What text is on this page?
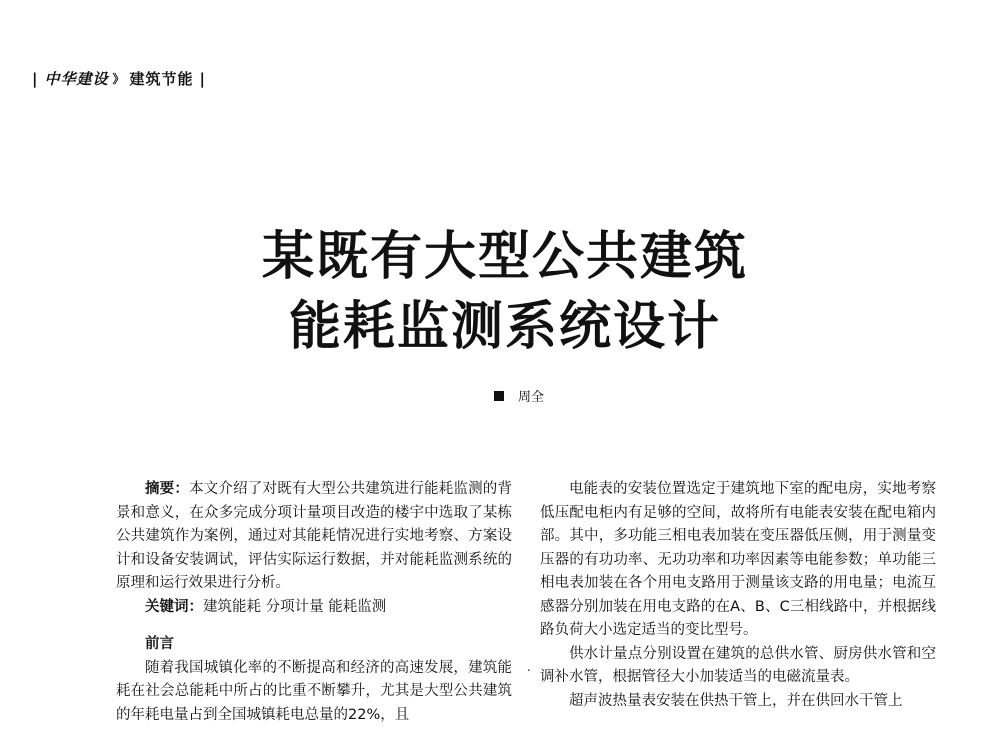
| 中华建设 》 建筑节能 |
某既有大型公共建筑
能耗监测系统设计
周全

摘要：本文介绍了对既有大型公共建筑进行能耗监测的背景和意义，在众多完成分项计量项目改造的楼宇中选取了某栋公共建筑作为案例，通过对其能耗情况进行实地考察、方案设计和设备安装调试，评估实际运行数据，并对能耗监测系统的原理和运行效果进行分析。

关键词：建筑能耗 分项计量 能耗监测

前言

随着我国城镇化率的不断提高和经济的高速发展，建筑能耗在社会总能耗中所占的比重不断攀升，尤其是大型公共建筑的年耗电量占到全国城镇耗电总量的22%，且

电能表的安装位置选定于建筑地下室的配电房，实地考察低压配电柜内有足够的空间，故将所有电能表安装在配电箱内部。其中，多功能三相电表加装在变压器低压侧，用于测量变压器的有功功率、无功功率和功率因素等电能参数；单功能三相电表加装在各个用电支路用于测量该支路的用电量；电流互感器分别加装在用电支路的在A、B、C三相线路中，并根据线路负荷大小选定适当的变比型号。

供水计量点分别设置在建筑的总供水管、厨房供水管和空调补水管，根据管径大小加装适当的电磁流量表。

超声波热量表安装在供热干管上，并在供回水干管上

.
